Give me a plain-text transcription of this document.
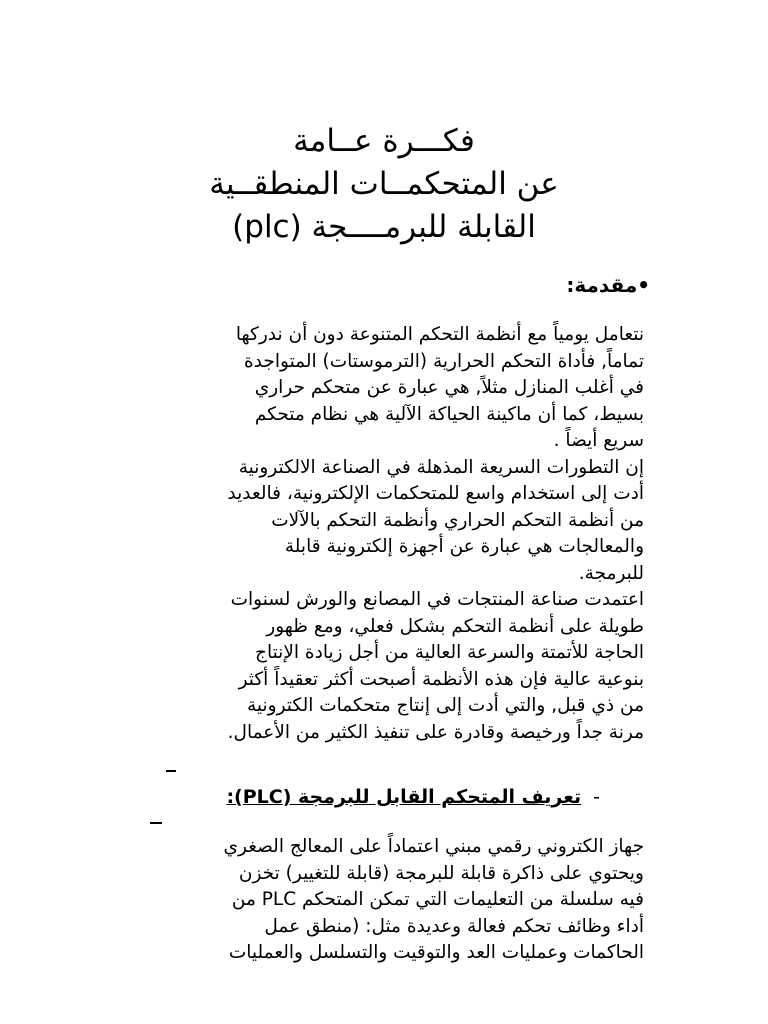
فكـــرة عــامة
عن المتحكمــات المنطقــية
القابلة للبرمــــجة (plc)
•مقدمة:
نتعامل يومياً مع أنظمة التحكم المتنوعة دون أن ندركها
تماماً, فأداة التحكم الحرارية (الترموستات) المتواجدة
في أغلب المنازل مثلاً, هي عبارة عن متحكم حراري
بسيط، كما أن ماكينة الحياكة الآلية هي نظام متحكم
سريع أيضاً .
إن التطورات السريعة المذهلة في الصناعة الالكترونية
أدت إلى استخدام واسع للمتحكمات الإلكترونية، فالعديد
من أنظمة التحكم الحراري وأنظمة التحكم بالآلات
والمعالجات هي عبارة عن أجهزة إلكترونية قابلة
للبرمجة.
اعتمدت صناعة المنتجات في المصانع والورش لسنوات
طويلة على أنظمة التحكم بشكل فعلي، ومع ظهور
الحاجة للأتمتة والسرعة العالية من أجل زيادة الإنتاج
بنوعية عالية فإن هذه الأنظمة أصبحت أكثر تعقيداً أكثر
من ذي قبل, والتي أدت إلى إنتاج متحكمات الكترونية
مرنة جداً ورخيصة وقادرة على تنفيذ الكثير من الأعمال.
- تعريف المتحكم القابل للبرمجة (PLC):
جهاز الكتروني رقمي مبني اعتماداً على المعالج الصغري
ويحتوي على ذاكرة قابلة للبرمجة (قابلة للتغيير) تخزن
فيه سلسلة من التعليمات التي تمكن المتحكم PLC من
أداء وظائف تحكم فعالة وعديدة مثل: (منطق عمل
الحاكمات وعمليات العد والتوقيت والتسلسل والعمليات
